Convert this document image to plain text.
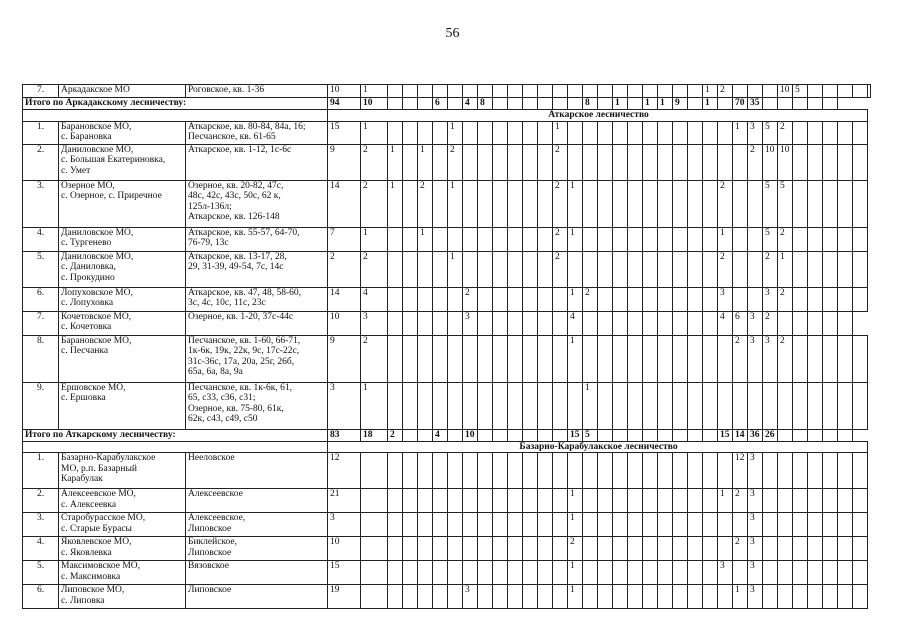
56
7.	Аркадакское МО	Роговское, кв. 1-36	10	1																						1	2				10	5					
Итого по Аркадакскому лесничеству:			94	10				6		4	8							8		1		1	1	9		1		70	35								
			Аткарское лесничество																																		
1.	Барановское МО,
с. Барановка	Аткарское, кв. 80-84, 84а, 16;
Песчанское, кв. 61-65	15	1					1							1												1	3	5	2						
2.	Даниловское МО,
с. Большая Екатериновка,
с. Умет	Аткарское, кв. 1-12, 1с-6с	9	2	1		1		2							2													2	10	10						
3.	Озерное МО,
с. Озерное, с. Приречное	Озерное, кв. 20-82, 47с,
48с, 42с, 43с, 50с, 62 к,
125л-136л;
Аткарское, кв. 126-148	14	2	1		2		1							2	1										2			5	5						
4.	Даниловское МО,
с. Тургенево	Аткарское, кв. 55-57, 64-70,
76-79, 13с	7	1			1									2	1										1			5	2						
5.	Даниловское МО,
с. Даниловка,
с. Прокудино	Аткарское, кв. 13-17, 28,
29, 31-39, 49-54, 7с, 14с	2	2					1							2											2			2	1						
6.	Лопуховское МО,
с. Лопуховка	Аткарское, кв. 47, 48, 58-60,
3с, 4с, 10с, 11с, 23с	14	4						2							1	2									3			3	2						
7.	Кочетовское МО,
с. Кочетовка	Озерное, кв. 1-20, 37с-44с	10	3						3							4										4	6	3	2							
8.	Барановское МО,
с. Песчанка	Песчанское, кв. 1-60, 66-71,
1к-6к, 19к, 22к, 9с, 17с-22с,
31с-36с, 17а, 20а, 25г, 26б,
65а, 6а, 8а, 9а	9	2													1											2	3	3	2						
9.	Ершовское МО,
с. Ершовка	Песчанское, кв. 1к-6к, 61,
65, с33, с36, с31;
Озерное, кв. 75-80, 61к,
62к, с43, с49, с50	3	1														1																			
Итого по Аткарскому лесничеству:			83	18	2			4		10							15	5									15	14	36	26							
			Базарно-Карабулакское лесничество																																		
1.	Базарно-Карабулакское
МО, р.п. Базарный
Карабулак	Нееловское	12																									12	3								
2.	Алексеевское МО,
с. Алексеевка	Алексеевское	21														1										1	2	3								
3.	Старобурасское МО,
с. Старые Бурасы	Алексеевское,
Липовское	3														1												3								
4.	Яковлевское МО,
с. Яковлевка	Биклейское,
Липовское	10														2											2	3								
5.	Максимовское МО,
с. Максимовка	Вязовское	15														1										3		3								
6.	Липовское МО,
с. Липовка	Липовское	19							3							1											1	3								
